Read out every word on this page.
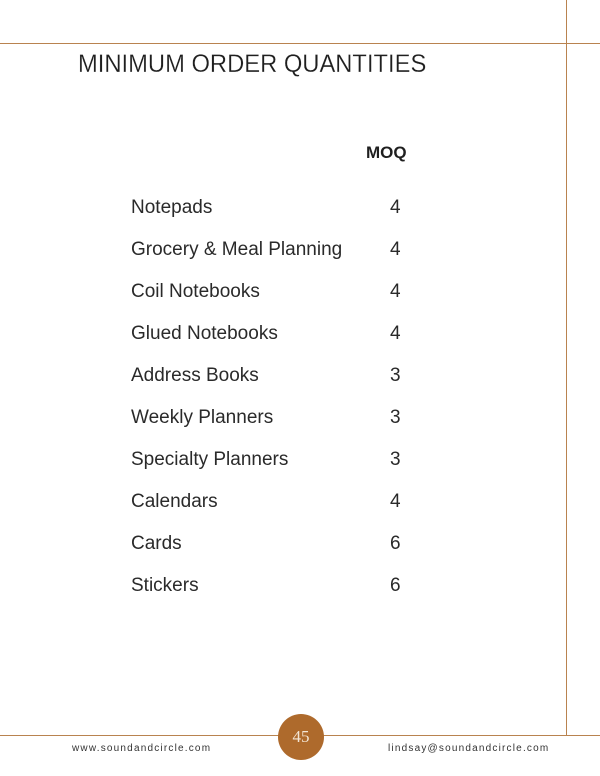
MINIMUM ORDER QUANTITIES
MOQ
Notepads	4
Grocery & Meal Planning	4
Coil Notebooks	4
Glued Notebooks	4
Address Books	3
Weekly Planners	3
Specialty Planners	3
Calendars	4
Cards	6
Stickers	6
www.soundandcircle.com
45
lindsay@soundandcircle.com
